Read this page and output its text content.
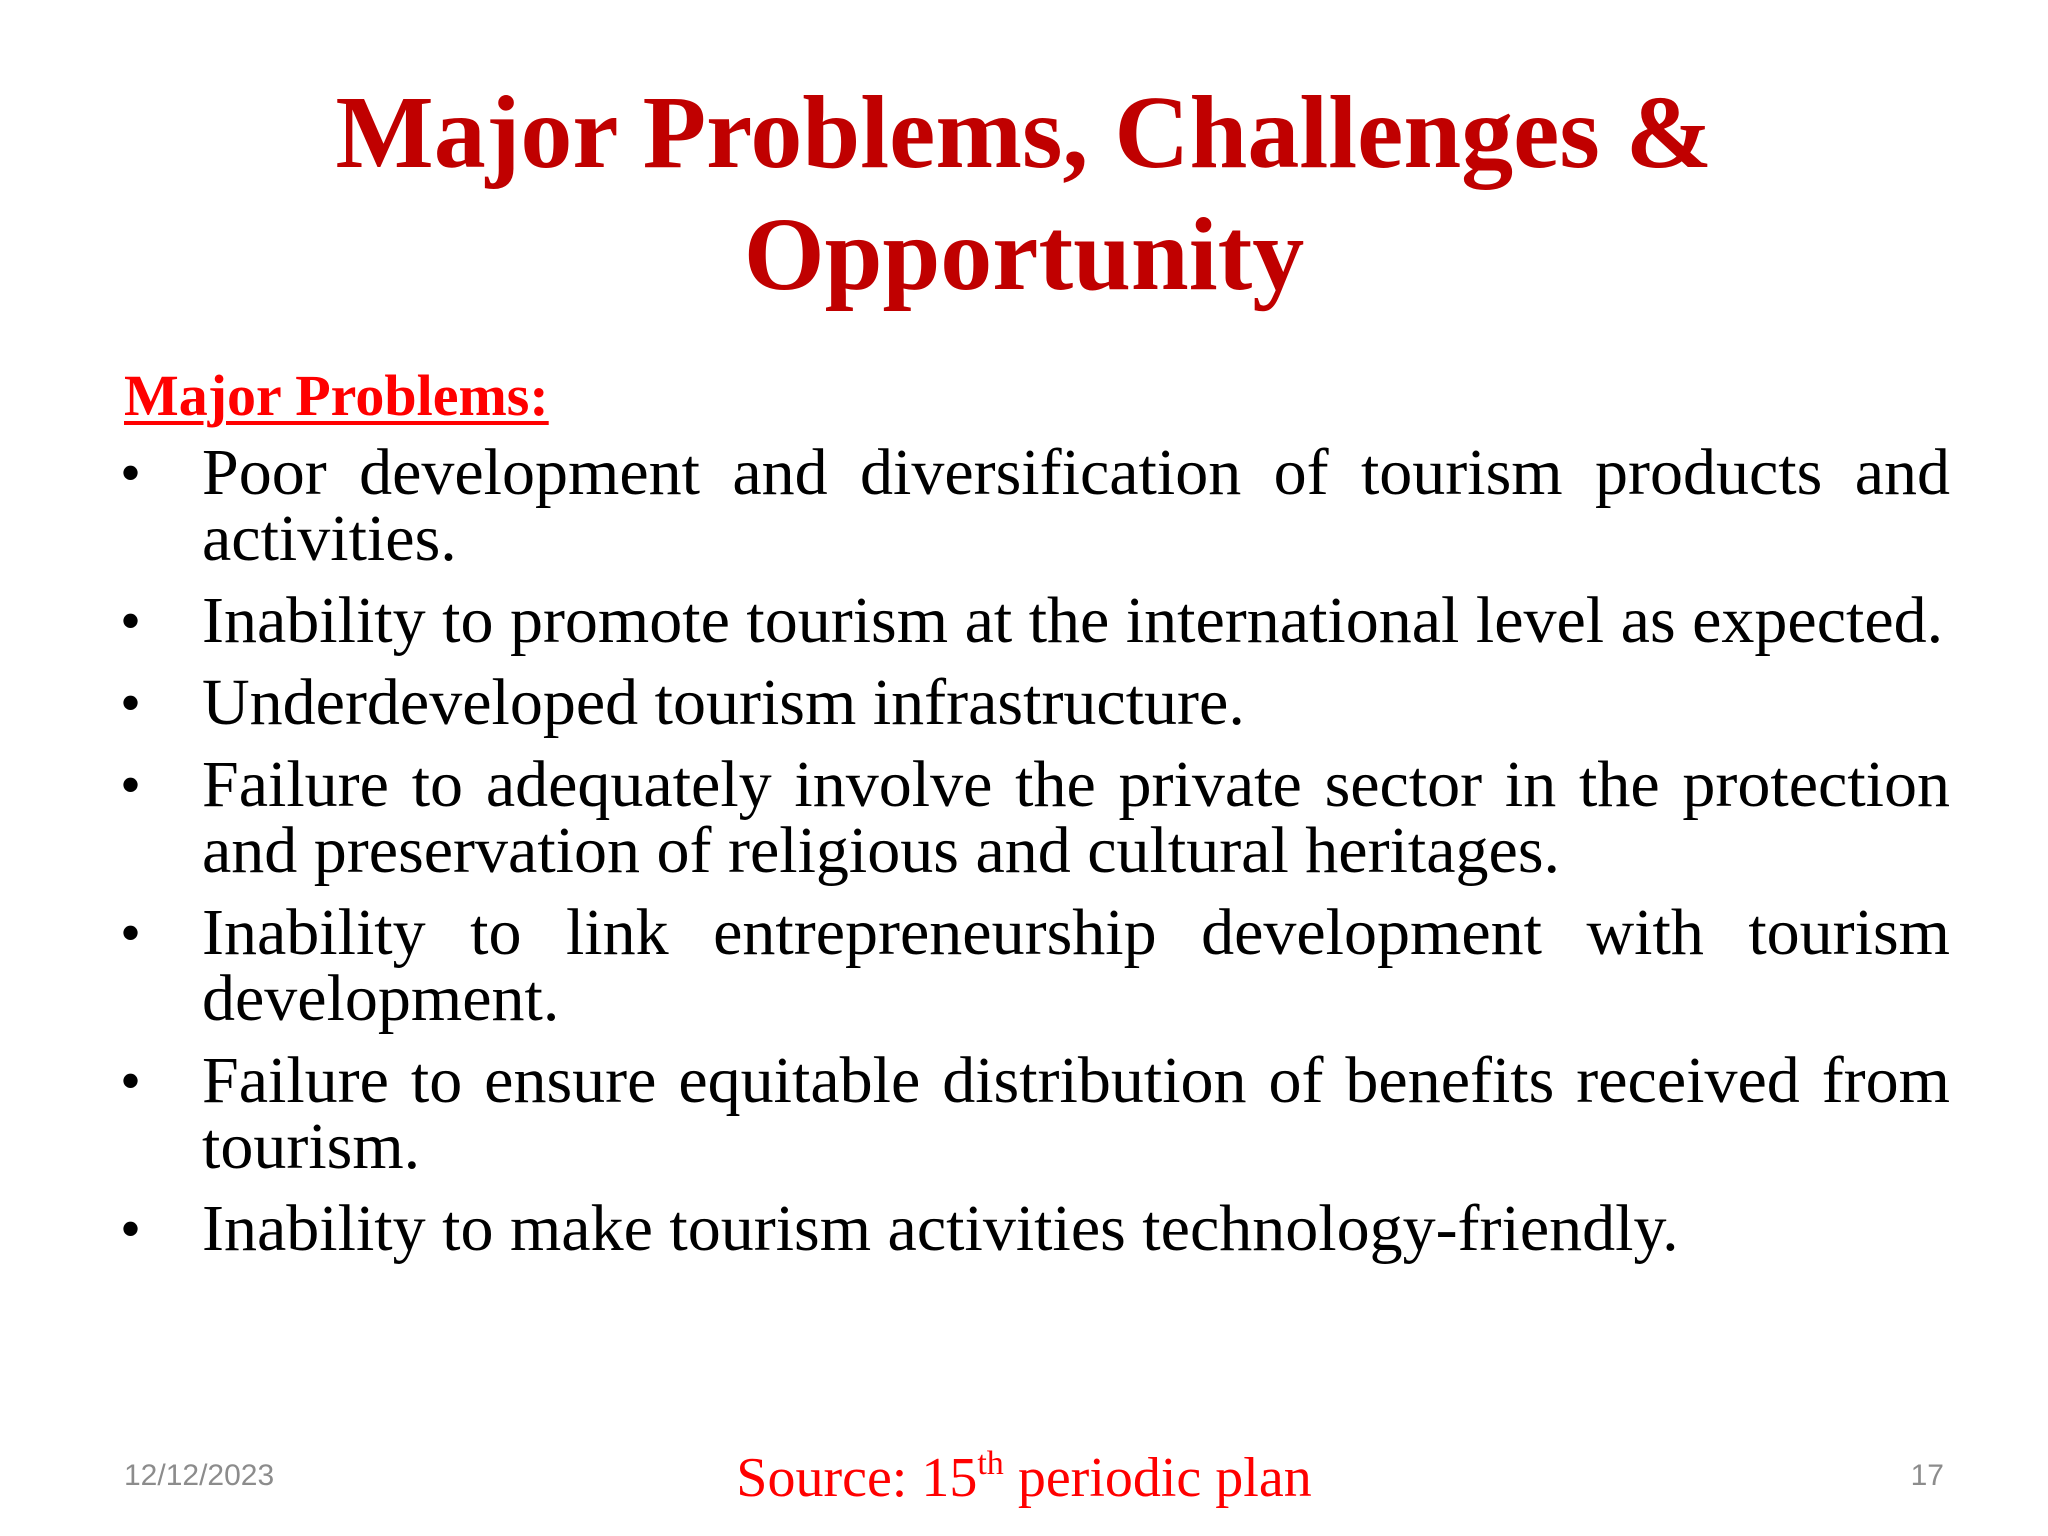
Major Problems, Challenges &
Opportunity
Major Problems:
• Poor development and diversification of tourism products and activities.
• Inability to promote tourism at the international level as expected.
• Underdeveloped tourism infrastructure.
• Failure to adequately involve the private sector in the protection and preservation of religious and cultural heritages.
• Inability to link entrepreneurship development with tourism development.
• Failure to ensure equitable distribution of benefits received from tourism.
• Inability to make tourism activities technology-friendly.
12/12/2023	Source: 15th periodic plan	17
